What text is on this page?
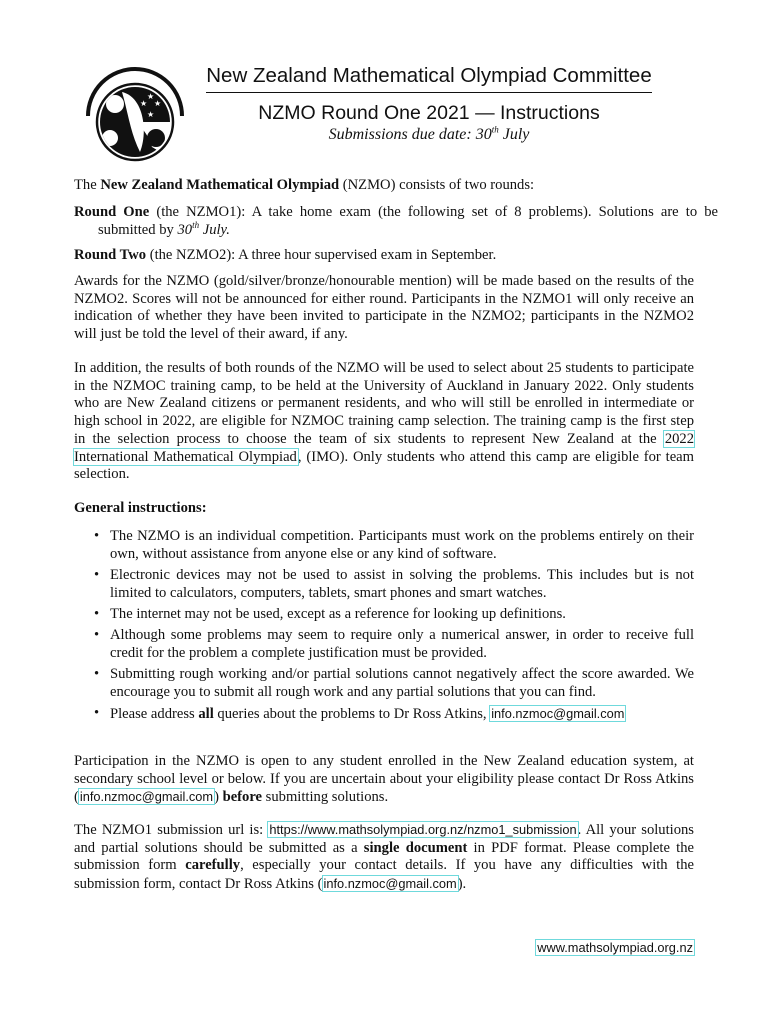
★
★ ★
★
New Zealand Mathematical Olympiad Committee
NZMO Round One 2021 — Instructions
Submissions due date: 30th July
The New Zealand Mathematical Olympiad (NZMO) consists of two rounds:
Round One (the NZMO1): A take home exam (the following set of 8 problems). Solutions are to be submitted by 30th July.
Round Two (the NZMO2): A three hour supervised exam in September.
Awards for the NZMO (gold/silver/bronze/honourable mention) will be made based on the results of the NZMO2. Scores will not be announced for either round. Participants in the NZMO1 will only receive an indication of whether they have been invited to participate in the NZMO2; participants in the NZMO2 will just be told the level of their award, if any.
In addition, the results of both rounds of the NZMO will be used to select about 25 students to participate in the NZMOC training camp, to be held at the University of Auckland in January 2022. Only students who are New Zealand citizens or permanent residents, and who will still be enrolled in intermediate or high school in 2022, are eligible for NZMOC training camp selection. The training camp is the first step in the selection process to choose the team of six students to represent New Zealand at the 2022 International Mathematical Olympiad, (IMO). Only students who attend this camp are eligible for team selection.
General instructions:
• The NZMO is an individual competition. Participants must work on the problems entirely on their own, without assistance from anyone else or any kind of software.
• Electronic devices may not be used to assist in solving the problems. This includes but is not limited to calculators, computers, tablets, smart phones and smart watches.
• The internet may not be used, except as a reference for looking up definitions.
• Although some problems may seem to require only a numerical answer, in order to receive full credit for the problem a complete justification must be provided.
• Submitting rough working and/or partial solutions cannot negatively affect the score awarded. We encourage you to submit all rough work and any partial solutions that you can find.
• Please address all queries about the problems to Dr Ross Atkins, info.nzmoc@gmail.com
Participation in the NZMO is open to any student enrolled in the New Zealand education system, at secondary school level or below. If you are uncertain about your eligibility please contact Dr Ross Atkins (info.nzmoc@gmail.com) before submitting solutions.
The NZMO1 submission url is: https://www.mathsolympiad.org.nz/nzmo1_submission. All your solutions and partial solutions should be submitted as a single document in PDF format. Please complete the submission form carefully, especially your contact details. If you have any difficulties with the submission form, contact Dr Ross Atkins (info.nzmoc@gmail.com).
www.mathsolympiad.org.nz
